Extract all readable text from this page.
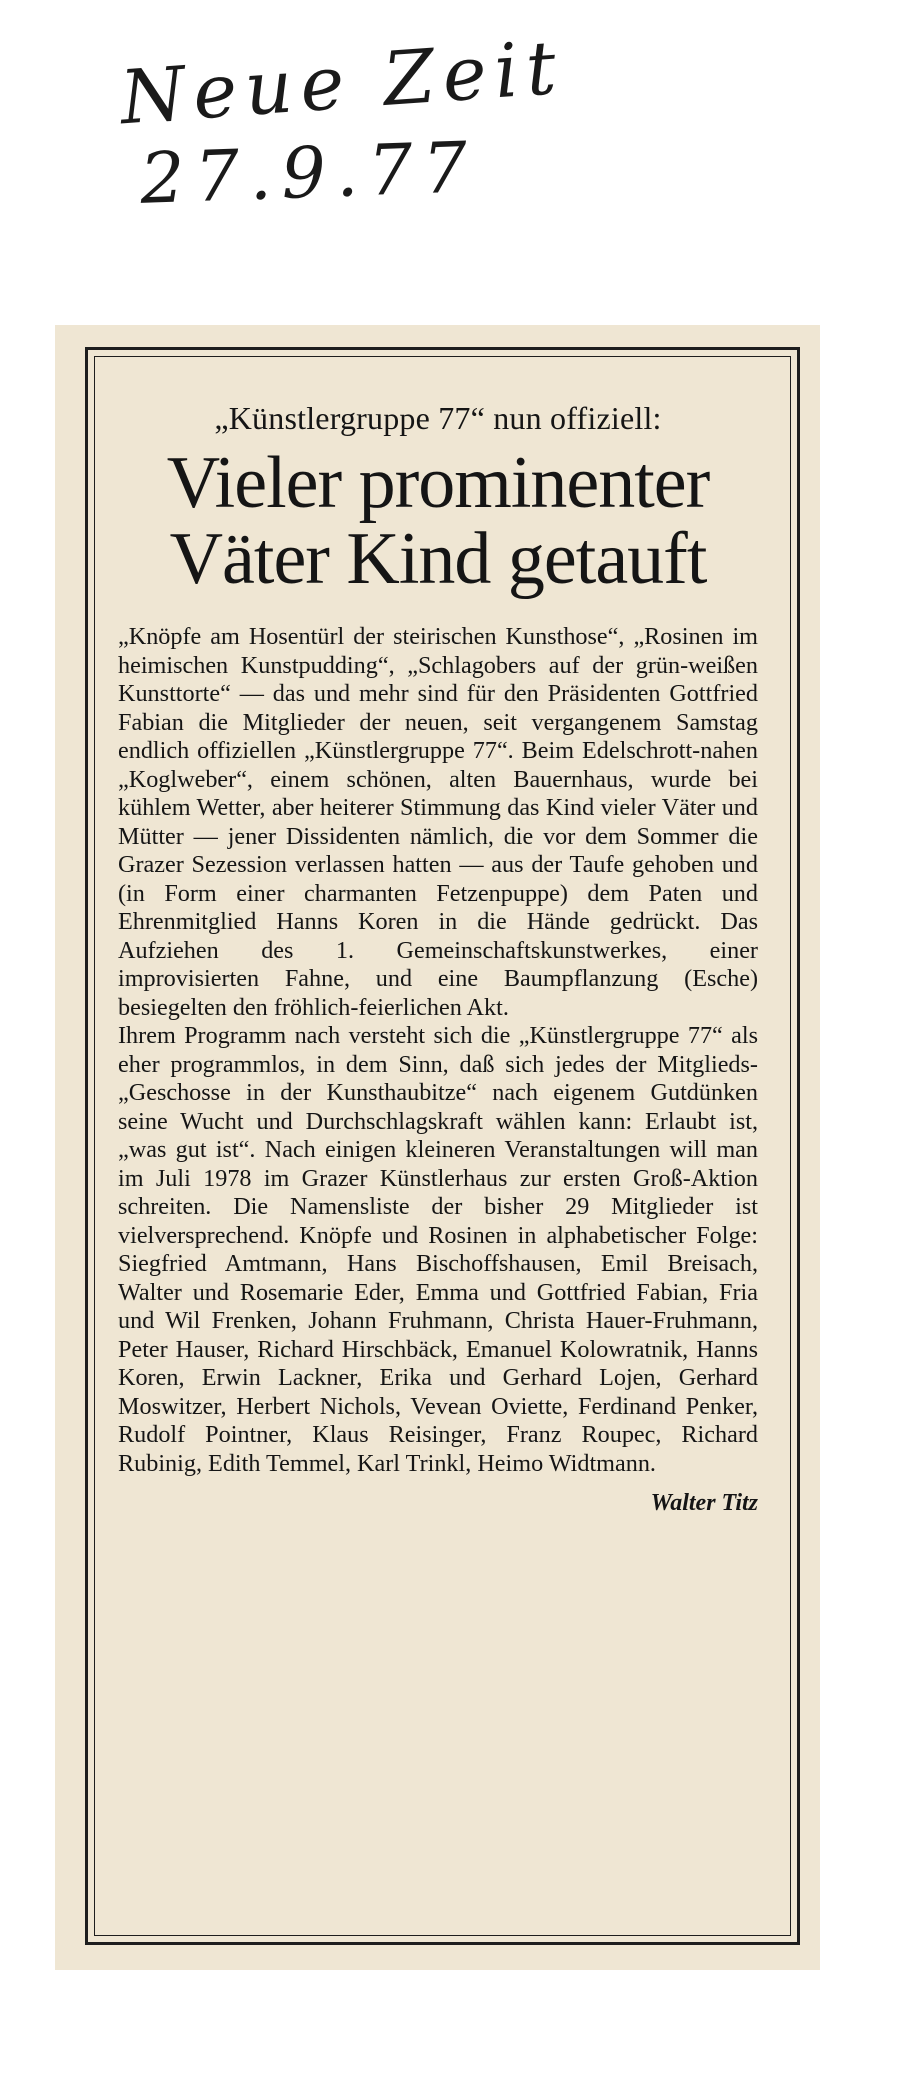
Neue Zeit
27.9.77
„Künstlergruppe 77“ nun offiziell:
Vieler prominenter
Väter Kind getauft

„Knöpfe am Hosentürl der steirischen Kunsthose“, „Rosinen im heimischen Kunstpudding“, „Schlagobers auf der grün-weißen Kunsttorte“ — das und mehr sind für den Präsidenten Gottfried Fabian die Mitglieder der neuen, seit vergangenem Samstag endlich offiziellen „Künstlergruppe 77“. Beim Edelschrott-nahen „Koglweber“, einem schönen, alten Bauernhaus, wurde bei kühlem Wetter, aber heiterer Stimmung das Kind vieler Väter und Mütter — jener Dissidenten nämlich, die vor dem Sommer die Grazer Sezession verlassen hatten — aus der Taufe gehoben und (in Form einer charmanten Fetzenpuppe) dem Paten und Ehrenmitglied Hanns Koren in die Hände gedrückt. Das Aufziehen des 1. Gemeinschaftskunstwerkes, einer improvisierten Fahne, und eine Baumpflanzung (Esche) besiegelten den fröhlich-feierlichen Akt.

Ihrem Programm nach versteht sich die „Künstlergruppe 77“ als eher programmlos, in dem Sinn, daß sich jedes der Mitglieds-„Geschosse in der Kunsthaubitze“ nach eigenem Gutdünken seine Wucht und Durchschlagskraft wählen kann: Erlaubt ist, „was gut ist“. Nach einigen kleineren Veranstaltungen will man im Juli 1978 im Grazer Künstlerhaus zur ersten Groß-Aktion schreiten. Die Namensliste der bisher 29 Mitglieder ist vielversprechend. Knöpfe und Rosinen in alphabetischer Folge: Siegfried Amtmann, Hans Bischoffshausen, Emil Breisach, Walter und Rosemarie Eder, Emma und Gottfried Fabian, Fria und Wil Frenken, Johann Fruhmann, Christa Hauer-Fruhmann, Peter Hauser, Richard Hirschbäck, Emanuel Kolowratnik, Hanns Koren, Erwin Lackner, Erika und Gerhard Lojen, Gerhard Moswitzer, Herbert Nichols, Vevean Oviette, Ferdinand Penker, Rudolf Pointner, Klaus Reisinger, Franz Roupec, Richard Rubinig, Edith Temmel, Karl Trinkl, Heimo Widtmann.

Walter Titz
